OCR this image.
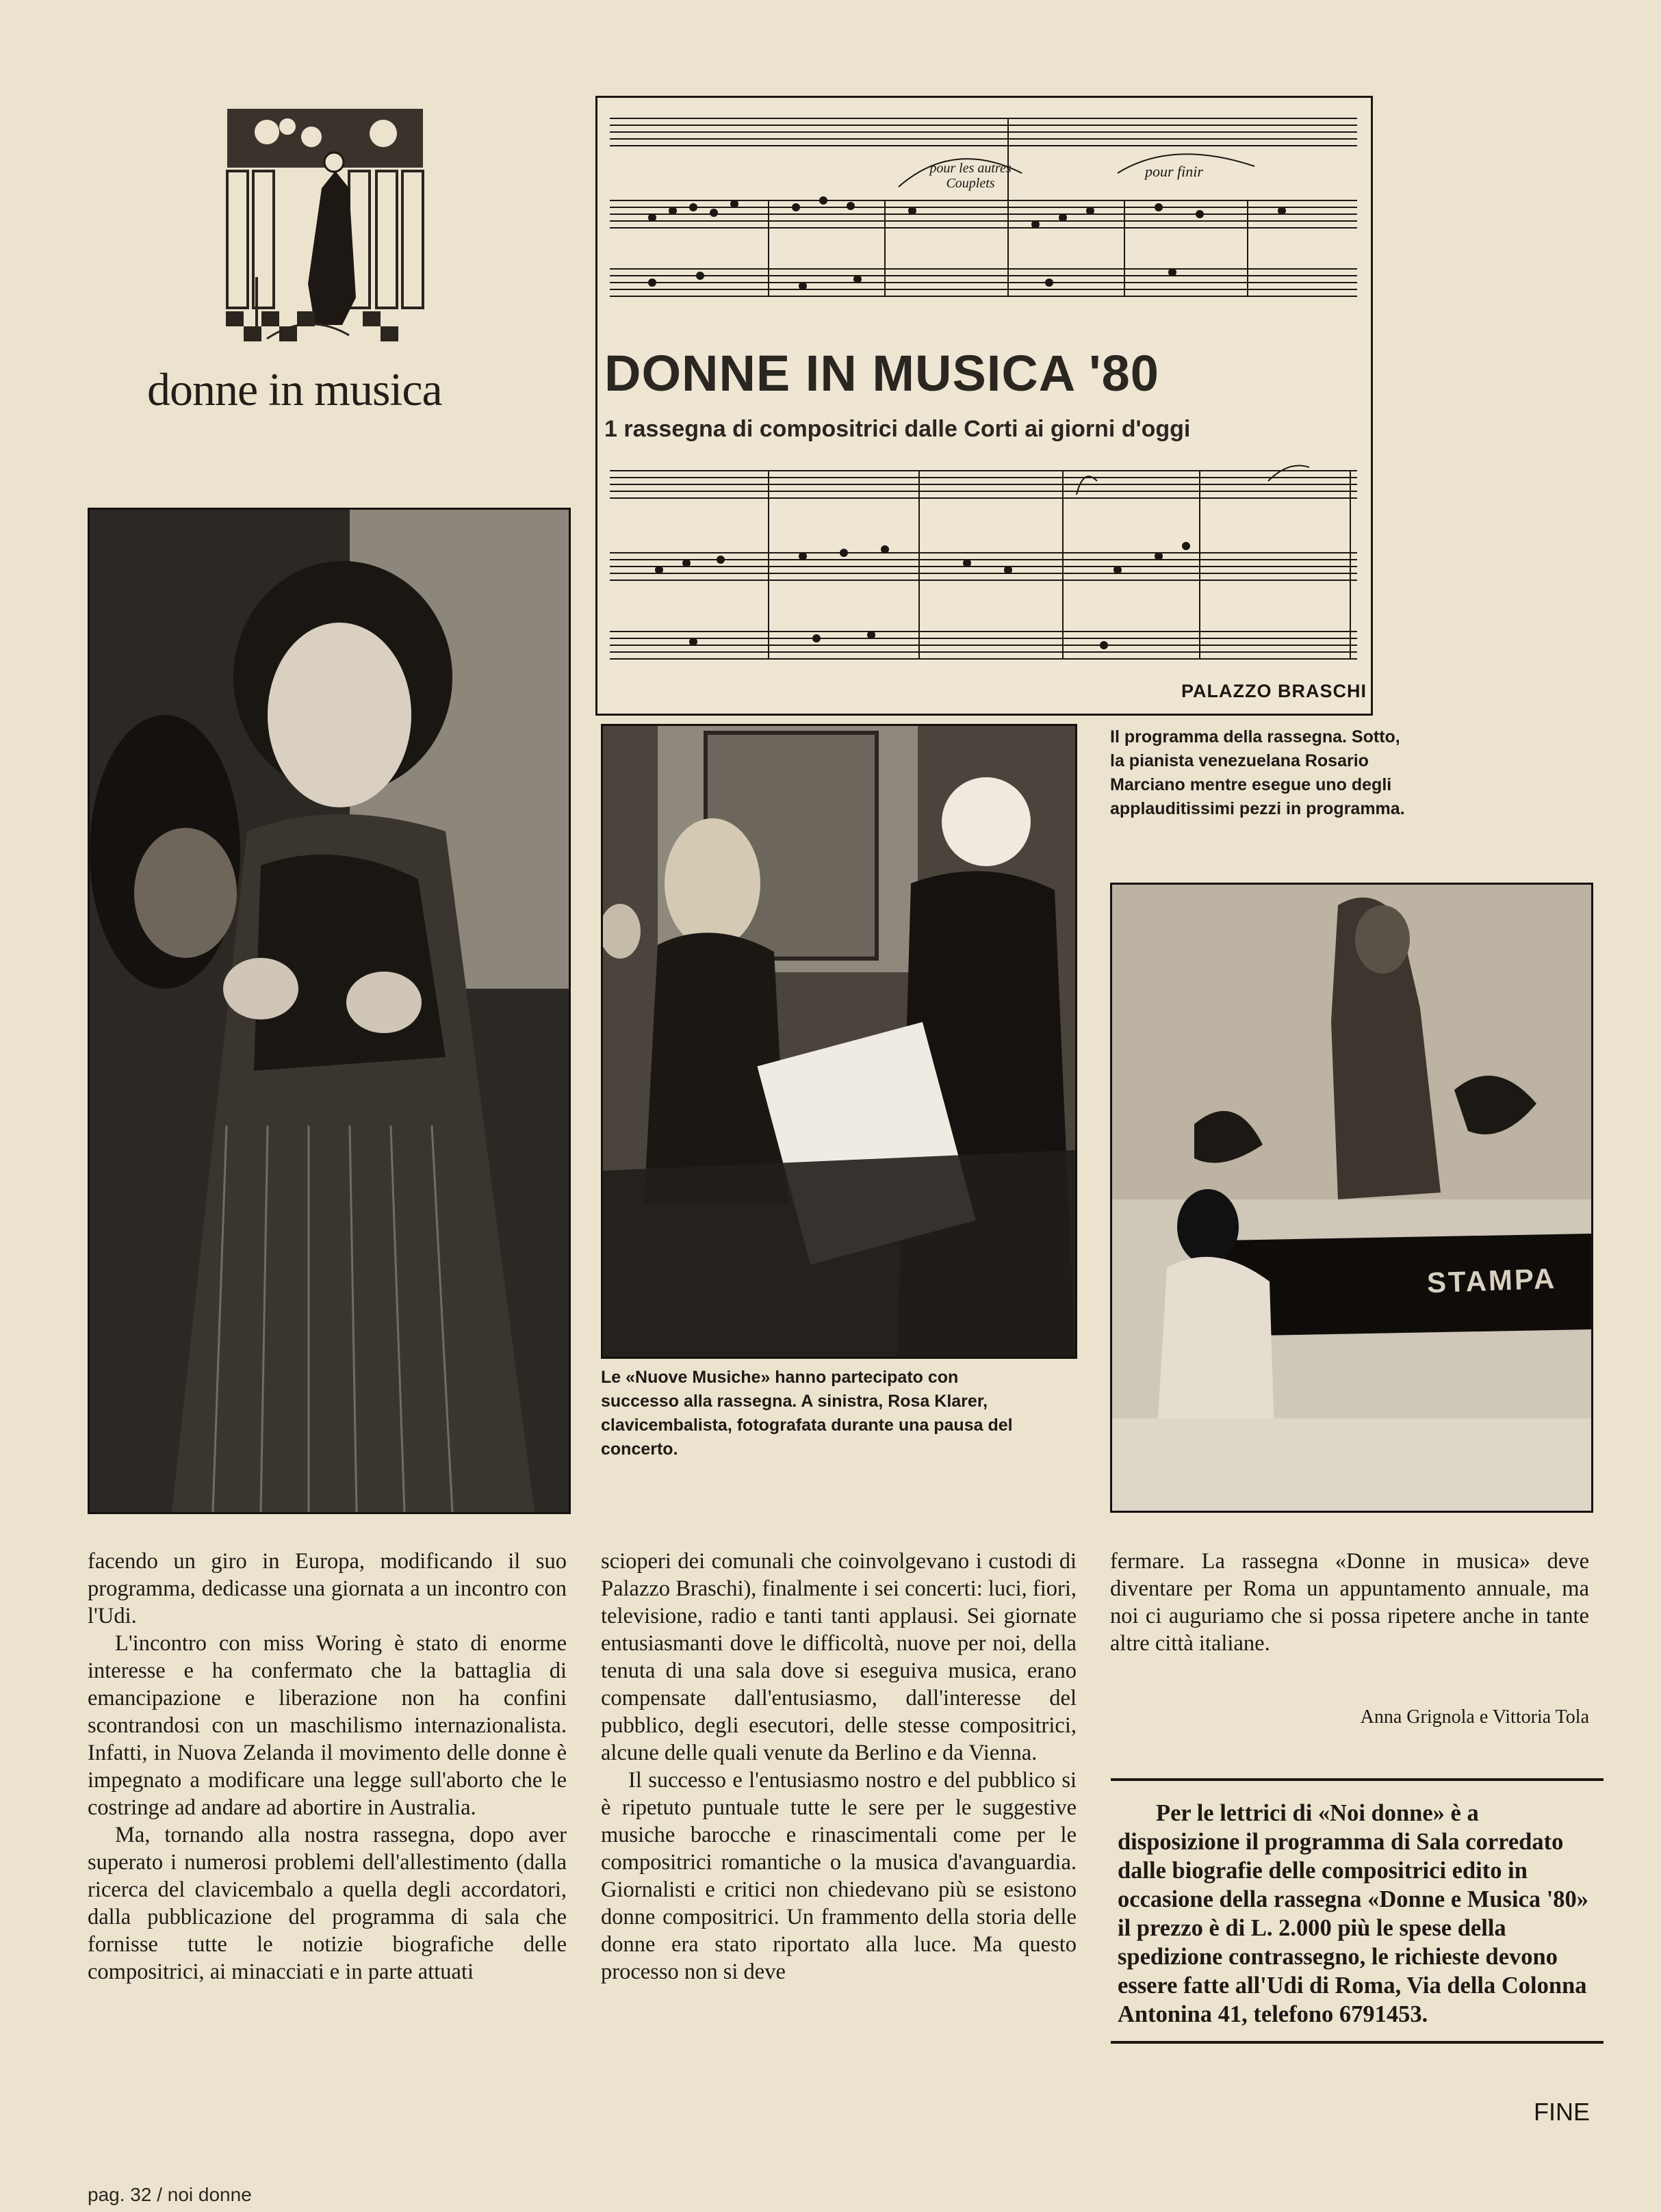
donne in musica
pour les autres Couplets
pour finir
DONNE IN MUSICA '80
1 rassegna di compositrici dalle Corti ai giorni d'oggi
PALAZZO BRASCHI
Il programma della rassegna. Sotto, la pianista venezuelana Rosario Marciano mentre esegue uno degli applauditissimi pezzi in programma.
STAMPA
Le «Nuove Musiche» hanno partecipato con successo alla rassegna. A sinistra, Rosa Klarer, clavicembalista, fotografata durante una pausa del concerto.

facendo un giro in Europa, modificando il suo programma, dedicasse una giornata a un incontro con l'Udi.

L'incontro con miss Woring è stato di enorme interesse e ha confermato che la battaglia di emancipazione e liberazione non ha confini scontrandosi con un maschilismo internazionalista. Infatti, in Nuova Zelanda il movimento delle donne è impegnato a modificare una legge sull'aborto che le costringe ad andare ad abortire in Australia.

Ma, tornando alla nostra rassegna, dopo aver superato i numerosi problemi dell'allestimento (dalla ricerca del clavicembalo a quella degli accordatori, dalla pubblicazione del programma di sala che fornisse tutte le notizie biografiche delle compositrici, ai minacciati e in parte attuati

scioperi dei comunali che coinvolgevano i custodi di Palazzo Braschi), finalmente i sei concerti: luci, fiori, televisione, radio e tanti tanti applausi. Sei giornate entusiasmanti dove le difficoltà, nuove per noi, della tenuta di una sala dove si eseguiva musica, erano compensate dall'entusiasmo, dall'interesse del pubblico, degli esecutori, delle stesse compositrici, alcune delle quali venute da Berlino e da Vienna.

Il successo e l'entusiasmo nostro e del pubblico si è ripetuto puntuale tutte le sere per le suggestive musiche barocche e rinascimentali come per le compositrici romantiche o la musica d'avanguardia. Giornalisti e critici non chiedevano più se esistono donne compositrici. Un frammento della storia delle donne era stato riportato alla luce. Ma questo processo non si deve

fermare. La rassegna «Donne in musica» deve diventare per Roma un appuntamento annuale, ma noi ci auguriamo che si possa ripetere anche in tante altre città italiane.

Anna Grignola e Vittoria Tola
Per le lettrici di «Noi donne» è a disposizione il programma di Sala corredato dalle biografie delle compositrici edito in occasione della rassegna «Donne e Musica '80» il prezzo è di L. 2.000 più le spese della spedizione contrassegno, le richieste devono essere fatte all'Udi di Roma, Via della Colonna Antonina 41, telefono 6791453.
FINE
pag. 32 / noi donne
